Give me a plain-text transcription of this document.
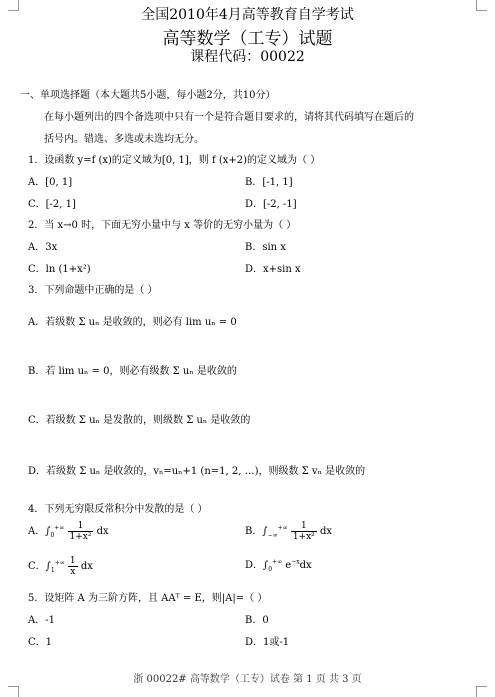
全国2010年4月高等教育自学考试
高等数学（工专）试题
课程代码：00022
一、单项选择题（本大题共5小题，每小题2分，共10分）
在每小题列出的四个备选项中只有一个是符合题目要求的，请将其代码填写在题后的
括号内。错选、多选或未选均无分。
1．设函数 y=f (x)的定义域为[0, 1]，则 f (x+2)的定义域为（ ）
A．[0, 1]	B．[-1, 1]
C．[-2, 1]	D．[-2, -1]
2．当 x→0 时，下面无穷小量中与 x 等价的无穷小量为（ ）
A．3x	B．sin x
C．ln (1+x²)	D．x+sin x
3．下列命题中正确的是（ ）
A．若级数 Σ uₙ 是收敛的，则必有 lim uₙ = 0
B．若 lim uₙ = 0，则必有级数 Σ uₙ 是收敛的
C．若级数 Σ uₙ 是发散的，则级数 Σ uₙ 是收敛的
D．若级数 Σ uₙ 是收敛的，vₙ=uₙ+1 (n=1, 2, …)，则级数 Σ vₙ 是收敛的
4．下列无穷限反常积分中发散的是（ ）
A．$\int_0^{+\infty} \frac{1}{\text{1+x²}}$ dx	B．$\int_{-\infty}^{+\infty} \frac{1}{\text{1+x²}}$ dx
C．$\int_1^{+\infty} \frac{1}{x}$ dx	D．$\int_0^{+\infty}$ $e^{-x}dx$
5．设矩阵 A 为三阶方阵，且 AAᵀ = E，则|A|=（ ）
A．-1	B．0
C．1	D．1或-1
浙 00022# 高等数学（工专）试卷 第 1 页 共 3 页
